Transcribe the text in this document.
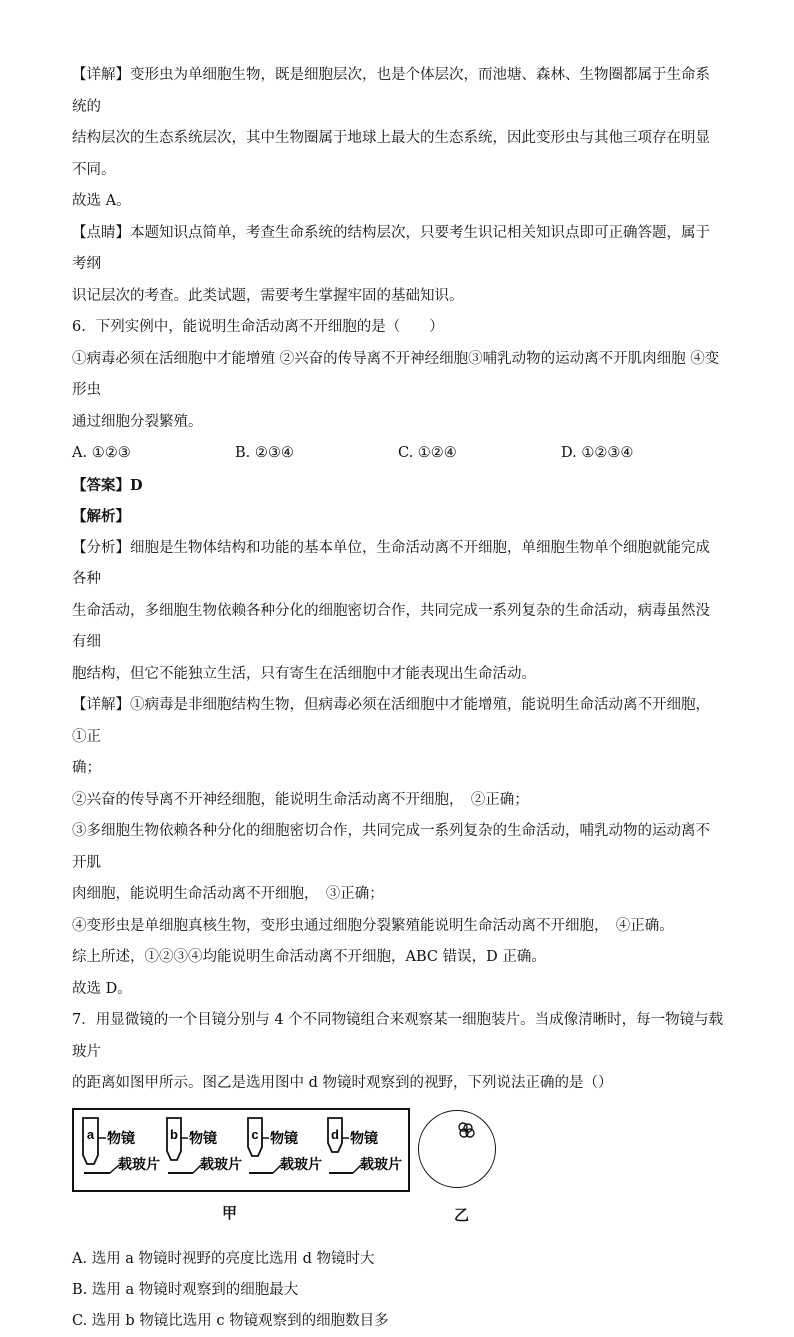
【详解】变形虫为单细胞生物，既是细胞层次，也是个体层次，而池塘、森林、生物圈都属于生命系统的

结构层次的生态系统层次，其中生物圈属于地球上最大的生态系统，因此变形虫与其他三项存在明显不同。

故选 A。

【点睛】本题知识点简单，考查生命系统的结构层次，只要考生识记相关知识点即可正确答题，属于考纲

识记层次的考查。此类试题，需要考生掌握牢固的基础知识。

6．下列实例中，能说明生命活动离不开细胞的是（　　）

①病毒必须在活细胞中才能增殖 ②兴奋的传导离不开神经细胞③哺乳动物的运动离不开肌肉细胞 ④变形虫

通过细胞分裂繁殖。

A. ①②③	B. ②③④	C. ①②④	D. ①②③④

【答案】D

【解析】

【分析】细胞是生物体结构和功能的基本单位，生命活动离不开细胞，单细胞生物单个细胞就能完成各种

生命活动，多细胞生物依赖各种分化的细胞密切合作，共同完成一系列复杂的生命活动，病毒虽然没有细

胞结构，但它不能独立生活，只有寄生在活细胞中才能表现出生命活动。

【详解】①病毒是非细胞结构生物，但病毒必须在活细胞中才能增殖，能说明生命活动离不开细胞，①正

确；

②兴奋的传导离不开神经细胞，能说明生命活动离不开细胞，　②正确；

③多细胞生物依赖各种分化的细胞密切合作，共同完成一系列复杂的生命活动，哺乳动物的运动离不开肌

肉细胞，能说明生命活动离不开细胞，　③正确；

④变形虫是单细胞真核生物，变形虫通过细胞分裂繁殖能说明生命活动离不开细胞，　④正确。

综上所述，①②③④均能说明生命活动离不开细胞，ABC 错误，D 正确。

故选 D。

7．用显微镜的一个目镜分别与 4 个不同物镜组合来观察某一细胞装片。当成像清晰时，每一物镜与载玻片

的距离如图甲所示。图乙是选用图中 d 物镜时观察到的视野，下列说法正确的是（）

a 物镜
载玻片
b 物镜
载玻片
c 物镜
载玻片
d 物镜
载玻片
甲	乙

A. 选用 a 物镜时视野的亮度比选用 d 物镜时大

B. 选用 a 物镜时观察到的细胞最大

C. 选用 b 物镜比选用 c 物镜观察到的细胞数目多
